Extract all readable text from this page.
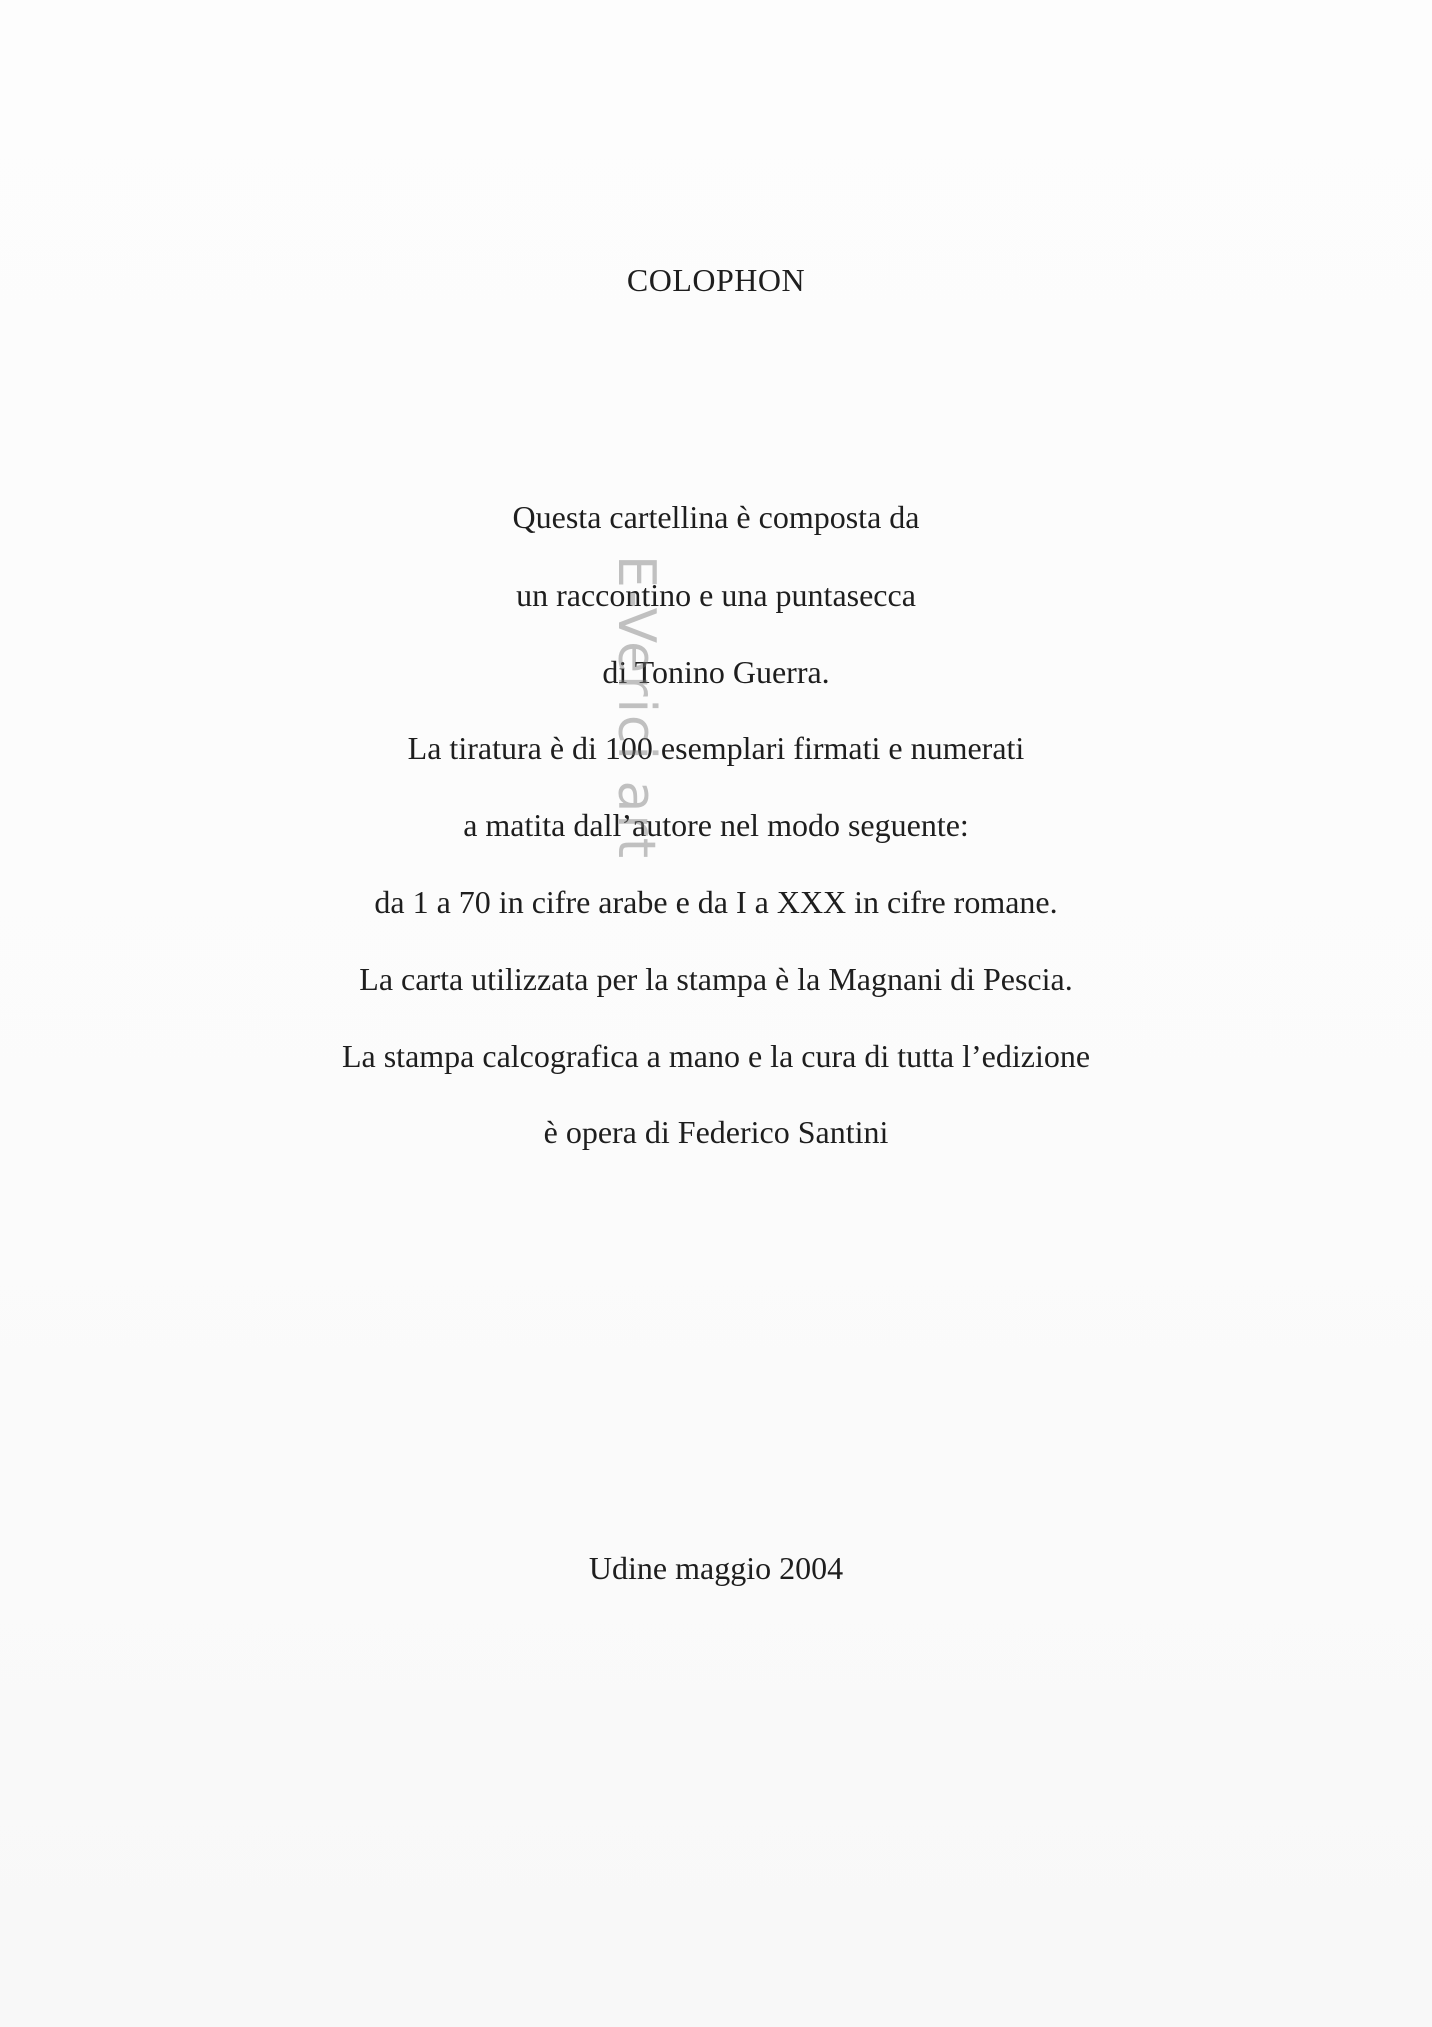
COLOPHON
Questa cartellina è composta da
un raccontino e una puntasecca
di Tonino Guerra.
La tiratura è di 100 esemplari firmati e numerati
a matita dall’autore nel modo seguente:
da 1 a 70 in cifre arabe e da I a XXX in cifre romane.
La carta utilizzata per la stampa è la Magnani di Pescia.
La stampa calcografica a mano e la cura di tutta l’edizione
è opera di Federico Santini
Udine maggio 2004
E-Verici art
